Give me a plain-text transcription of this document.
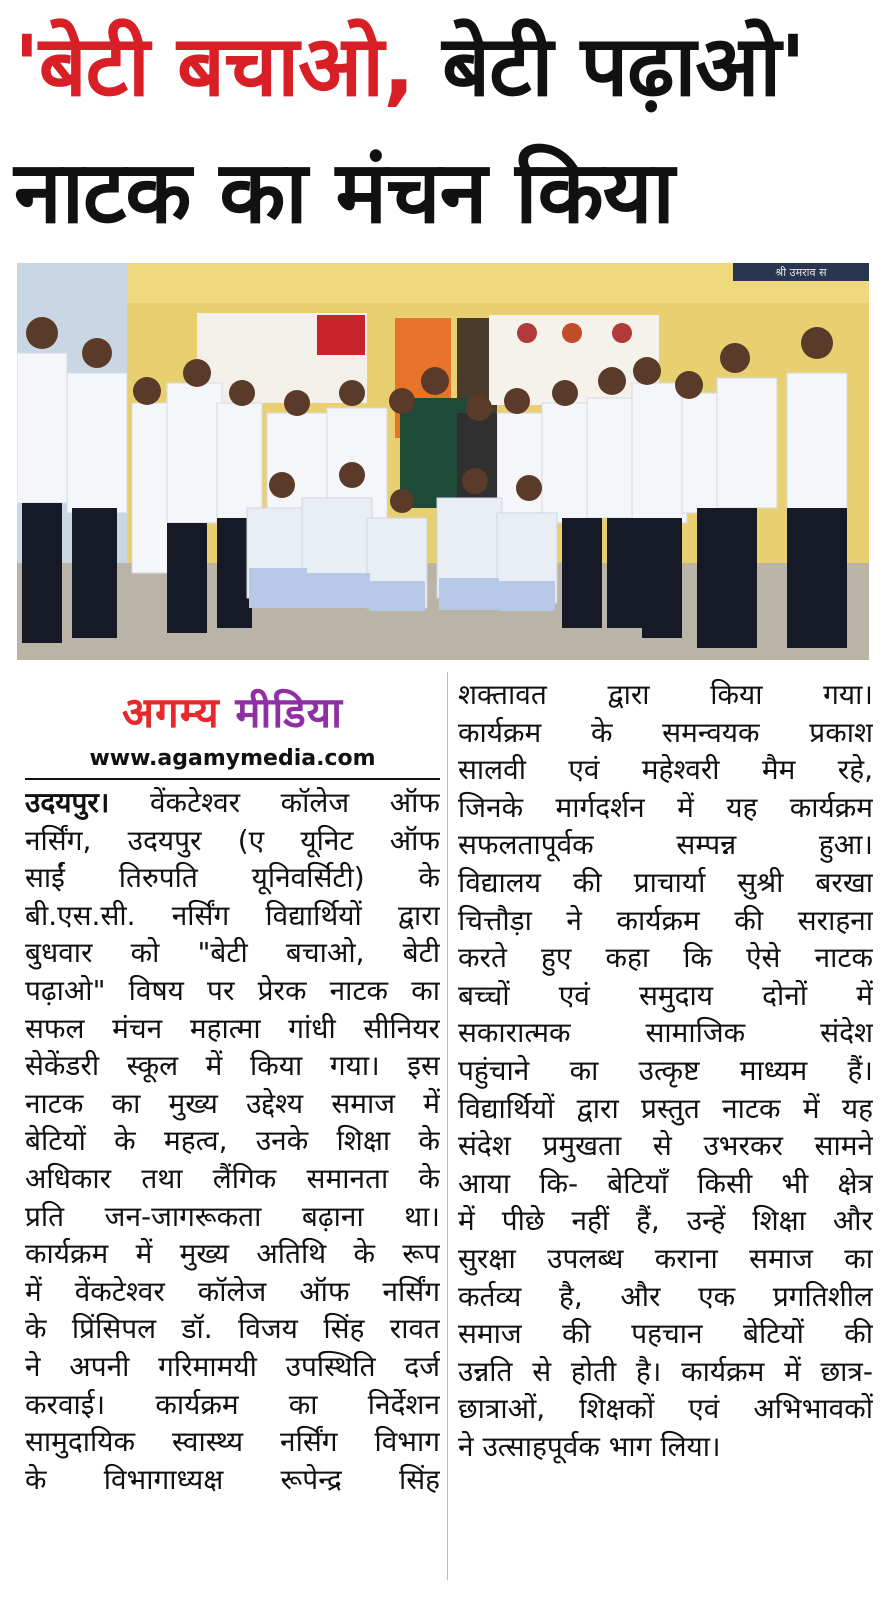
'बेटी बचाओ, बेटी पढ़ाओ'
नाटक का मंचन किया
श्री उमराव स
अगम्य मीडिया
www.agamymedia.com
उदयपुर। वेंकटेश्वर कॉलेज ऑफ
नर्सिंग, उदयपुर (ए यूनिट ऑफ
साईं तिरुपति यूनिवर्सिटी) के
बी.एस.सी. नर्सिंग विद्यार्थियों द्वारा
बुधवार को "बेटी बचाओ, बेटी
पढ़ाओ" विषय पर प्रेरक नाटक का
सफल मंचन महात्मा गांधी सीनियर
सेकेंडरी स्कूल में किया गया। इस
नाटक का मुख्य उद्देश्य समाज में
बेटियों के महत्व, उनके शिक्षा के
अधिकार तथा लैंगिक समानता के
प्रति जन-जागरूकता बढ़ाना था।
कार्यक्रम में मुख्य अतिथि के रूप
में वेंकटेश्वर कॉलेज ऑफ नर्सिंग
के प्रिंसिपल डॉ. विजय सिंह रावत
ने अपनी गरिमामयी उपस्थिति दर्ज
करवाई। कार्यक्रम का निर्देशन
सामुदायिक स्वास्थ्य नर्सिंग विभाग
के विभागाध्यक्ष रूपेन्द्र सिंह
शक्तावत द्वारा किया गया।
कार्यक्रम के समन्वयक प्रकाश
सालवी एवं महेश्वरी मैम रहे,
जिनके मार्गदर्शन में यह कार्यक्रम
सफलतापूर्वक सम्पन्न हुआ।
विद्यालय की प्राचार्या सुश्री बरखा
चित्तौड़ा ने कार्यक्रम की सराहना
करते हुए कहा कि ऐसे नाटक
बच्चों एवं समुदाय दोनों में
सकारात्मक सामाजिक संदेश
पहुंचाने का उत्कृष्ट माध्यम हैं।
विद्यार्थियों द्वारा प्रस्तुत नाटक में यह
संदेश प्रमुखता से उभरकर सामने
आया कि- बेटियाँ किसी भी क्षेत्र
में पीछे नहीं हैं, उन्हें शिक्षा और
सुरक्षा उपलब्ध कराना समाज का
कर्तव्य है, और एक प्रगतिशील
समाज की पहचान बेटियों की
उन्नति से होती है। कार्यक्रम में छात्र-
छात्राओं, शिक्षकों एवं अभिभावकों
ने उत्साहपूर्वक भाग लिया।
